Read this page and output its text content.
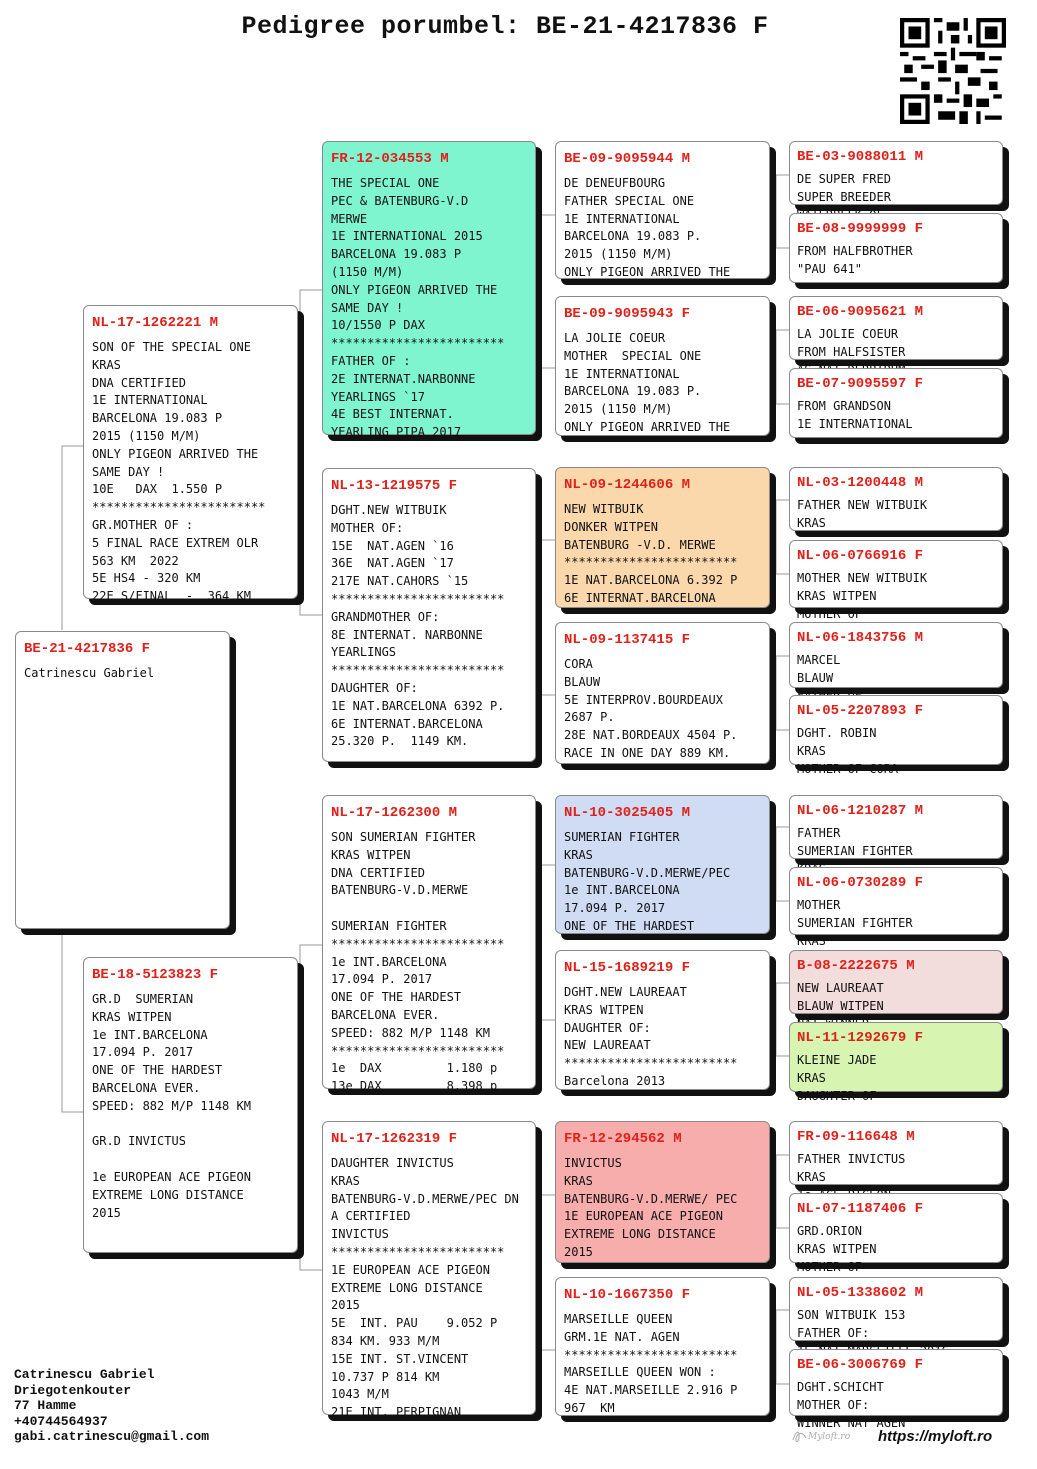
Pedigree porumbel: BE-21-4217836 F
BE-21-4217836 F
Catrinescu Gabriel
NL-17-1262221 M
SON OF THE SPECIAL ONE
KRAS
DNA CERTIFIED
1E INTERNATIONAL
BARCELONA 19.083 P
2015 (1150 M/M)
ONLY PIGEON ARRIVED THE
SAME DAY !
10E   DAX  1.550 P
************************
GR.MOTHER OF :
5 FINAL RACE EXTREM OLR
563 KM  2022
5E HS4 - 320 KM
22E S/FINAL  -  364 KM
BE-18-5123823 F
GR.D  SUMERIAN
KRAS WITPEN
1e INT.BARCELONA
17.094 P. 2017
ONE OF THE HARDEST
BARCELONA EVER.
SPEED: 882 M/P 1148 KM

GR.D INVICTUS

1e EUROPEAN ACE PIGEON
EXTREME LONG DISTANCE
2015
FR-12-034553 M
THE SPECIAL ONE
PEC & BATENBURG-V.D
MERWE
1E INTERNATIONAL 2015
BARCELONA 19.083 P
(1150 M/M)
ONLY PIGEON ARRIVED THE
SAME DAY !
10/1550 P DAX
************************
FATHER OF :
2E INTERNAT.NARBONNE
YEARLINGS `17
4E BEST INTERNAT.
YEARLING PIPA 2017
NL-13-1219575 F
DGHT.NEW WITBUIK
MOTHER OF:
15E  NAT.AGEN `16
36E  NAT.AGEN `17
217E NAT.CAHORS `15
************************
GRANDMOTHER OF:
8E INTERNAT. NARBONNE
YEARLINGS
************************
DAUGHTER OF:
1E NAT.BARCELONA 6392 P.
6E INTERNAT.BARCELONA
25.320 P.  1149 KM.
NL-17-1262300 M
SON SUMERIAN FIGHTER
KRAS WITPEN
DNA CERTIFIED
BATENBURG-V.D.MERWE

SUMERIAN FIGHTER
************************
1e INT.BARCELONA
17.094 P. 2017
ONE OF THE HARDEST
BARCELONA EVER.
SPEED: 882 M/P 1148 KM
************************
1e  DAX         1.180 p
13e DAX         8.398 p
NL-17-1262319 F
DAUGHTER INVICTUS
KRAS
BATENBURG-V.D.MERWE/PEC DN
A CERTIFIED
INVICTUS
************************
1E EUROPEAN ACE PIGEON
EXTREME LONG DISTANCE
2015
5E  INT. PAU    9.052 P
834 KM. 933 M/M
15E INT. ST.VINCENT
10.737 P 814 KM
1043 M/M
21E INT. PERPIGNAN
BE-09-9095944 M
DE DENEUFBOURG
FATHER SPECIAL ONE
1E INTERNATIONAL
BARCELONA 19.083 P.
2015 (1150 M/M)
ONLY PIGEON ARRIVED THE
BE-09-9095943 F
LA JOLIE COEUR
MOTHER  SPECIAL ONE
1E INTERNATIONAL
BARCELONA 19.083 P.
2015 (1150 M/M)
ONLY PIGEON ARRIVED THE
NL-09-1244606 M
NEW WITBUIK
DONKER WITPEN
BATENBURG -V.D. MERWE
************************
1E NAT.BARCELONA 6.392 P
6E INTERNAT.BARCELONA
NL-09-1137415 F
CORA
BLAUW
5E INTERPROV.BOURDEAUX
2687 P.
28E NAT.BORDEAUX 4504 P.
RACE IN ONE DAY 889 KM.
NL-10-3025405 M
SUMERIAN FIGHTER
KRAS
BATENBURG-V.D.MERWE/PEC
1e INT.BARCELONA
17.094 P. 2017
ONE OF THE HARDEST
NL-15-1689219 F
DGHT.NEW LAUREAAT
KRAS WITPEN
DAUGHTER OF:
NEW LAUREAAT
************************
Barcelona 2013
FR-12-294562 M
INVICTUS
KRAS
BATENBURG-V.D.MERWE/ PEC
1E EUROPEAN ACE PIGEON
EXTREME LONG DISTANCE
2015
NL-10-1667350 F
MARSEILLE QUEEN
GRM.1E NAT. AGEN
************************
MARSEILLE QUEEN WON :
4E NAT.MARSEILLE 2.916 P
967  KM
BE-03-9088011 M
DE SUPER FRED
SUPER BREEDER

BE-08-9999999 F
FROM HALFBROTHER
"PAU 641"
BE-06-9095621 M
LA JOLIE COEUR
FROM HALFSISTER

BE-07-9095597 F
FROM GRANDSON
1E INTERNATIONAL
NL-03-1200448 M
FATHER NEW WITBUIK
KRAS
NL-06-0766916 F
MOTHER NEW WITBUIK
KRAS WITPEN
MOTHER OF
NL-06-1843756 M
MARCEL
BLAUW

NL-05-2207893 F
DGHT. ROBIN
KRAS
MOTHER OF CORA
NL-06-1210287 M
FATHER
SUMERIAN FIGHTER

NL-06-0730289 F
MOTHER
SUMERIAN FIGHTER
KRAS
B-08-2222675 M
NEW LAUREAAT
BLAUW WITPEN

NL-11-1292679 F
KLEINE JADE
KRAS
DAUGHTER OF
FR-09-116648 M
FATHER INVICTUS
KRAS

NL-07-1187406 F
GRD.ORION
KRAS WITPEN
MOTHER OF
NL-05-1338602 M
SON WITBUIK 153
FATHER OF:

BE-06-3006769 F
DGHT.SCHICHT
MOTHER OF:
WINNER NAT AGEN
Catrinescu Gabriel
Driegotenkouter
77 Hamme
+40744564937
gabi.catrinescu@gmail.com	Myloft.ro https://myloft.ro
